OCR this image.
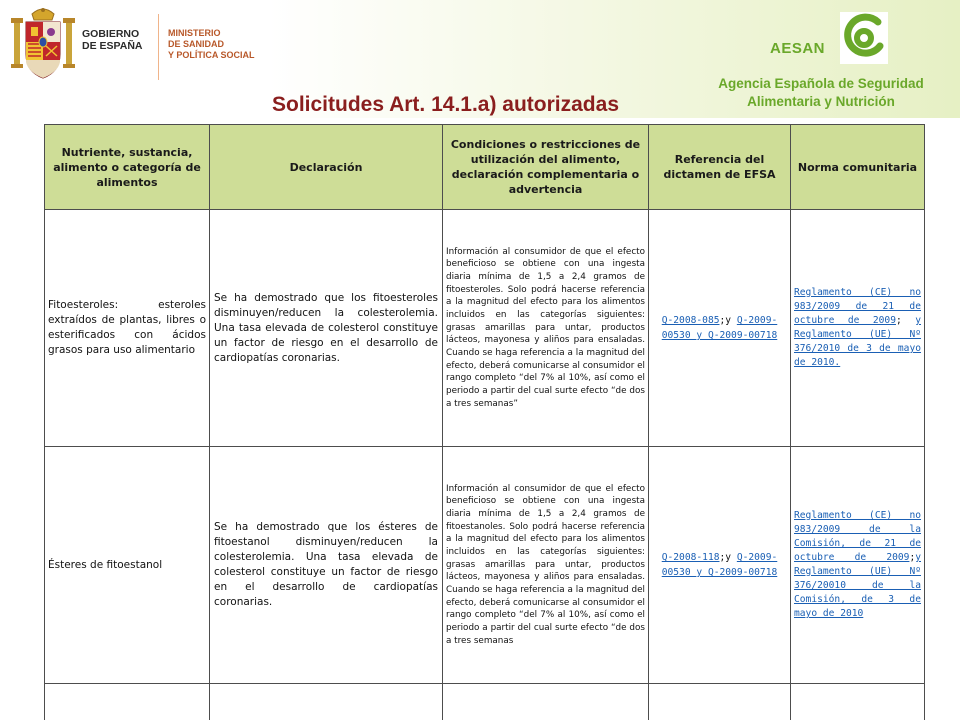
GOBIERNO
DE ESPAÑA
MINISTERIO
DE SANIDAD
Y POLÍTICA SOCIAL	AESAN
Agencia Española de Seguridad
Alimentaria y Nutrición
Solicitudes Art. 14.1.a) autorizadas
Nutriente, sustancia, alimento o categoría de alimentos	Declaración	Condiciones o restricciones de utilización del alimento, declaración complementaria o advertencia	Referencia del dictamen de EFSA	Norma comunitaria
Fitoesteroles: esteroles extraídos de plantas, libres o esterificados con ácidos grasos para uso alimentario	Se ha demostrado que los fitoesteroles disminuyen/reducen la colesterolemia. Una tasa elevada de colesterol constituye un factor de riesgo en el desarrollo de cardiopatías coronarias.	Información al consumidor de que el efecto beneficioso se obtiene con una ingesta diaria mínima de 1,5 a 2,4 gramos de fitoesteroles. Solo podrá hacerse referencia a la magnitud del efecto para los alimentos incluidos en las categorías siguientes: grasas amarillas para untar, productos lácteos, mayonesa y aliños para ensaladas. Cuando se haga referencia a la magnitud del efecto, deberá comunicarse al consumidor el rango completo “del 7% al 10%, así como el periodo a partir del cual surte efecto “de dos a tres semanas”	Q-2008-085;y Q-2009-00530 y Q-2009-00718	Reglamento (CE) no 983/2009 de 21 de octubre de 2009; y Reglamento (UE) Nº 376/2010 de 3 de mayo de 2010.
Ésteres de fitoestanol	Se ha demostrado que los ésteres de fitoestanol disminuyen/reducen la colesterolemia. Una tasa elevada de colesterol constituye un factor de riesgo en el desarrollo de cardiopatías coronarias.	Información al consumidor de que el efecto beneficioso se obtiene con una ingesta diaria mínima de 1,5 a 2,4 gramos de fitoestanoles. Solo podrá hacerse referencia a la magnitud del efecto para los alimentos incluidos en las categorías siguientes: grasas amarillas para untar, productos lácteos, mayonesa y aliños para ensaladas. Cuando se haga referencia a la magnitud del efecto, deberá comunicarse al consumidor el rango completo “del 7% al 10%, así como el periodo a partir del cual surte efecto “de dos a tres semanas	Q-2008-118;y Q-2009-00530 y Q-2009-00718	Reglamento (CE) no 983/2009 de la Comisión, de 21 de octubre de 2009;y Reglamento (UE) Nº 376/20010 de la Comisión, de 3 de mayo de 2010
